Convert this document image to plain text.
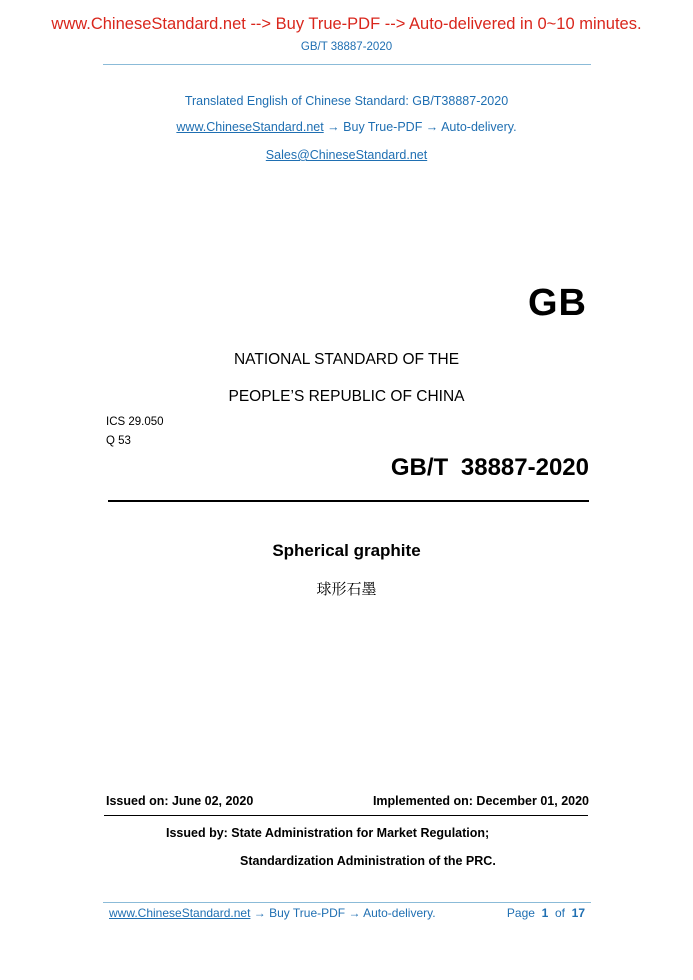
www.ChineseStandard.net --> Buy True-PDF --> Auto-delivered in 0~10 minutes.
GB/T 38887-2020
Translated English of Chinese Standard: GB/T38887-2020
www.ChineseStandard.net → Buy True-PDF → Auto-delivery.
Sales@ChineseStandard.net
GB
NATIONAL STANDARD OF THE
PEOPLE’S REPUBLIC OF CHINA
ICS 29.050
Q 53
GB/T 38887-2020
Spherical graphite
球形石墨
Issued on: June 02, 2020	Implemented on: December 01, 2020
Issued by: State Administration for Market Regulation;
Standardization Administration of the PRC.
www.ChineseStandard.net → Buy True-PDF → Auto-delivery.	Page 1 of 17
